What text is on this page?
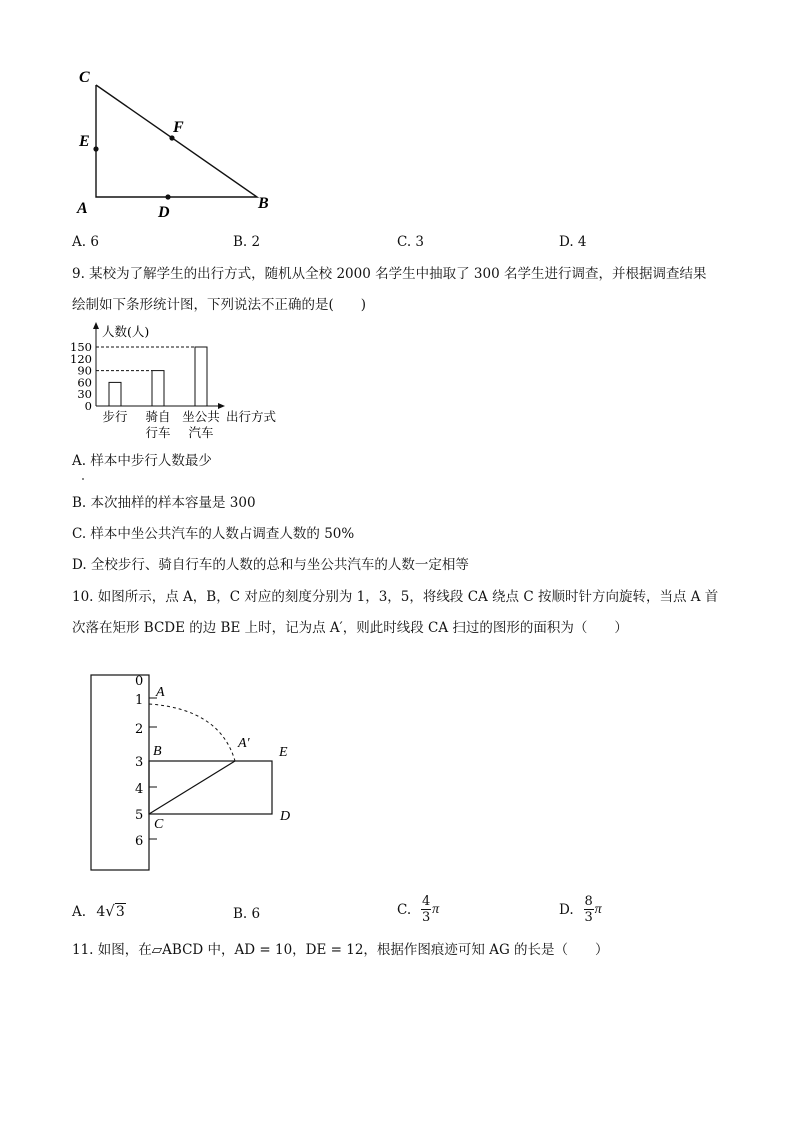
C
E
F
A	D
B
A. 6	B. 2	C. 3	D. 4
9. 某校为了解学生的出行方式，随机从全校 2000 名学生中抽取了 300 名学生进行调查，并根据调查结果
绘制如下条形统计图，下列说法不正确的是(　　)
人数(人)
出行方式
150
120
90
60
30
0
步行 骑自
行车
坐公共
汽车
A. 样本中步行人数最少
B. 本次抽样的样本容量是 300
C. 样本中坐公共汽车的人数占调查人数的 50%
D. 全校步行、骑自行车的人数的总和与坐公共汽车的人数一定相等
10. 如图所示，点 A，B，C 对应的刻度分别为 1，3，5，将线段 CA 绕点 C 按顺时针方向旋转，当点 A 首
次落在矩形 BCDE 的边 BE 上时，记为点 A′，则此时线段 CA 扫过的图形的面积为（　　）
0
1
2
3
4
5
6
A
A′
B	E
C
D
A. 4√3	B. 6	C. 4
3
π	D. 8
3
π
11. 如图，在▱ABCD 中，AD = 10，DE = 12，根据作图痕迹可知 AG 的长是（　　）
